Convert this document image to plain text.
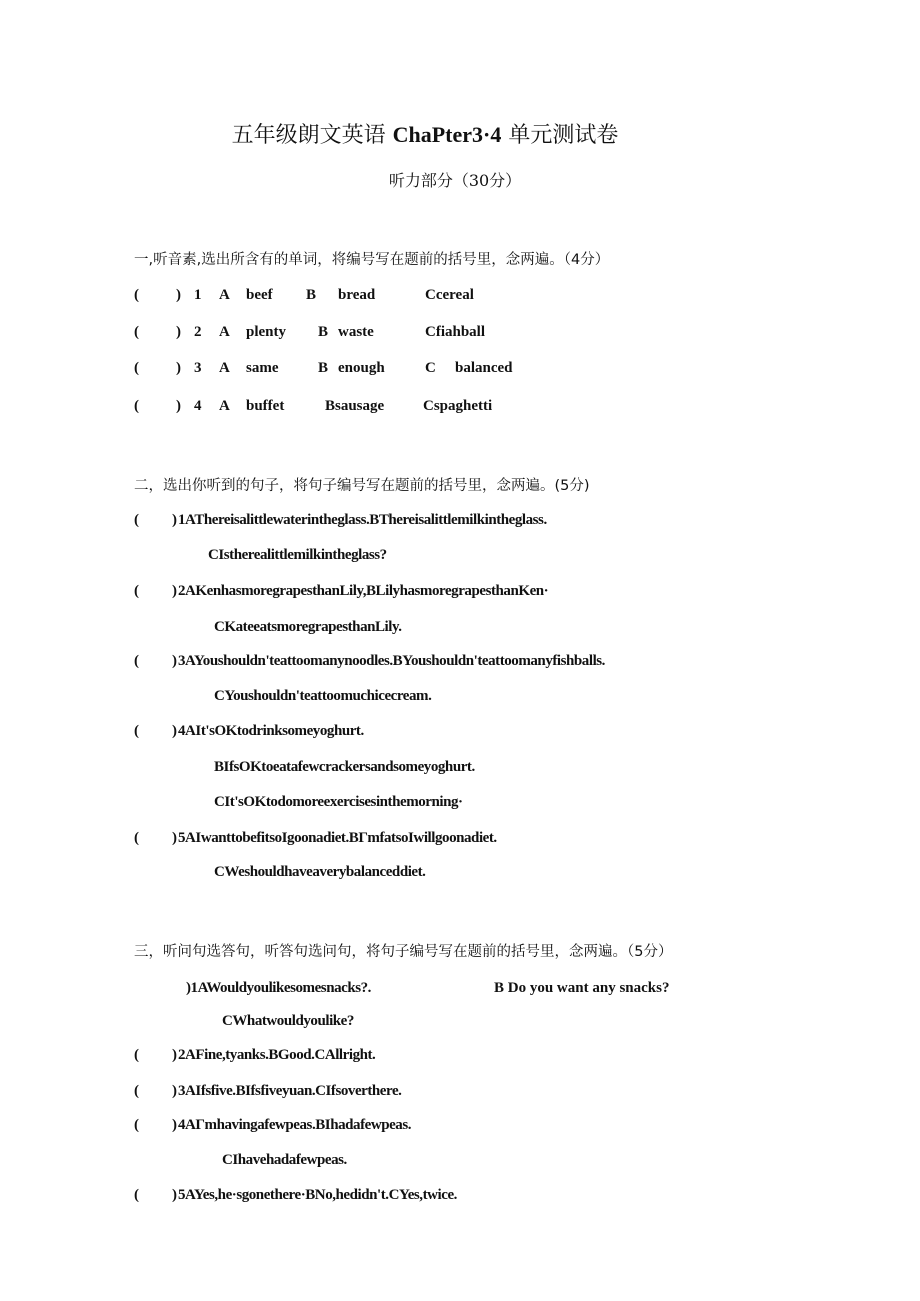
五年级朗文英语 ChaPter3·4 单元测试卷
听力部分（30分）
一,听音素,选出所含有的单词，将编号写在题前的括号里，念两遍。（4分）
( ) 1 A beef B bread	Ccereal
( ) 2 A plenty B waste	Cfiahball
( ) 3 A same	B enough	C balanced
( ) 4 A buffet	Bsausage	Cspaghetti
二，选出你听到的句子，将句子编号写在题前的括号里，念两遍。(5分)
( ) 1AThereisalittlewaterintheglass.BThereisalittlemilkintheglass.
CIstherealittlemilkintheglass?
( ) 2AKenhasmoregrapesthanLily,BLilyhasmoregrapesthanKen·
CKateeatsmoregrapesthanLily.
( ) 3AYoushouldn'teattoomanynoodles.BYoushouldn'teattoomanyfishballs.
CYoushouldn'teattoomuchicecream.
( ) 4AIt'sOKtodrinksomeyoghurt.
BIfsOKtoeatafewcrackersandsomeyoghurt.
CIt'sOKtodomoreexercisesinthemorning·
( ) 5AIwanttobefitsoIgoonadiet.BΓmfatsoIwillgoonadiet.
CWeshouldhaveaverybalanceddiet.
三，听问句选答句，听答句选问句，将句子编号写在题前的括号里，念两遍。（5分）
)1AWouldyoulikesomesnacks?.	B Do you want any snacks?
CWhatwouldyoulike?
( ) 2AFine,tyanks.BGood.CAllright.
( ) 3AIfsfive.BIfsfiveyuan.CIfsoverthere.
( ) 4AΓmhavingafewpeas.BIhadafewpeas.
CIhavehadafewpeas.
( ) 5AYes,he·sgonethere·BNo,hedidn't.CYes,twice.
